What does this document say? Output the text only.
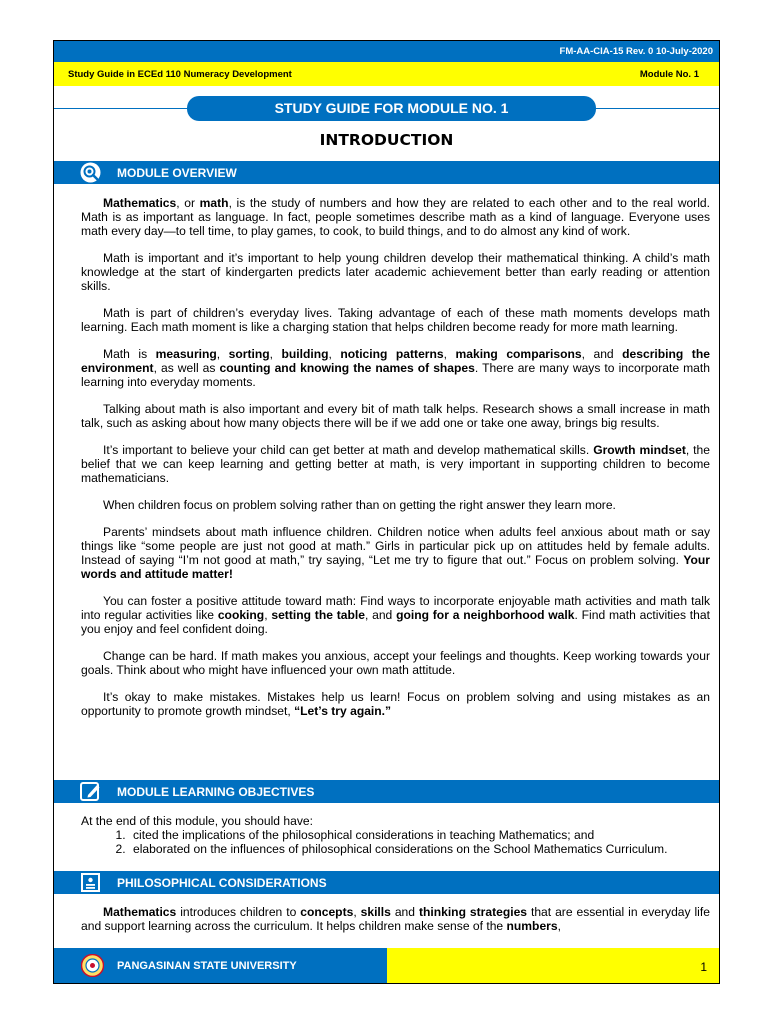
FM-AA-CIA-15 Rev. 0 10-July-2020
Study Guide in ECEd 110 Numeracy Development	Module No. 1
STUDY GUIDE FOR MODULE NO. 1
INTRODUCTION
MODULE OVERVIEW

Mathematics, or math, is the study of numbers and how they are related to each other and to the real world. Math is as important as language. In fact, people sometimes describe math as a kind of language. Everyone uses math every day—to tell time, to play games, to cook, to build things, and to do almost any kind of work.

Math is important and it’s important to help young children develop their mathematical thinking. A child’s math knowledge at the start of kindergarten predicts later academic achievement better than early reading or attention skills.

Math is part of children’s everyday lives. Taking advantage of each of these math moments develops math learning. Each math moment is like a charging station that helps children become ready for more math learning.

Math is measuring, sorting, building, noticing patterns, making comparisons, and describing the environment, as well as counting and knowing the names of shapes. There are many ways to incorporate math learning into everyday moments.

Talking about math is also important and every bit of math talk helps. Research shows a small increase in math talk, such as asking about how many objects there will be if we add one or take one away, brings big results.

It’s important to believe your child can get better at math and develop mathematical skills. Growth mindset, the belief that we can keep learning and getting better at math, is very important in supporting children to become mathematicians.

When children focus on problem solving rather than on getting the right answer they learn more.

Parents’ mindsets about math influence children. Children notice when adults feel anxious about math or say things like “some people are just not good at math.” Girls in particular pick up on attitudes held by female adults. Instead of saying “I’m not good at math,” try saying, “Let me try to figure that out.” Focus on problem solving. Your words and attitude matter!

You can foster a positive attitude toward math: Find ways to incorporate enjoyable math activities and math talk into regular activities like cooking, setting the table, and going for a neighborhood walk. Find math activities that you enjoy and feel confident doing.

Change can be hard. If math makes you anxious, accept your feelings and thoughts. Keep working towards your goals. Think about who might have influenced your own math attitude.

It’s okay to make mistakes. Mistakes help us learn! Focus on problem solving and using mistakes as an opportunity to promote growth mindset, “Let’s try again.”

MODULE LEARNING OBJECTIVES

At the end of this module, you should have:

1. cited the implications of the philosophical considerations in teaching Mathematics; and
2. elaborated on the influences of philosophical considerations on the School Mathematics Curriculum.
PHILOSOPHICAL CONSIDERATIONS

Mathematics introduces children to concepts, skills and thinking strategies that are essential in everyday life and support learning across the curriculum. It helps children make sense of the numbers,

PANGASINAN STATE UNIVERSITY	1
